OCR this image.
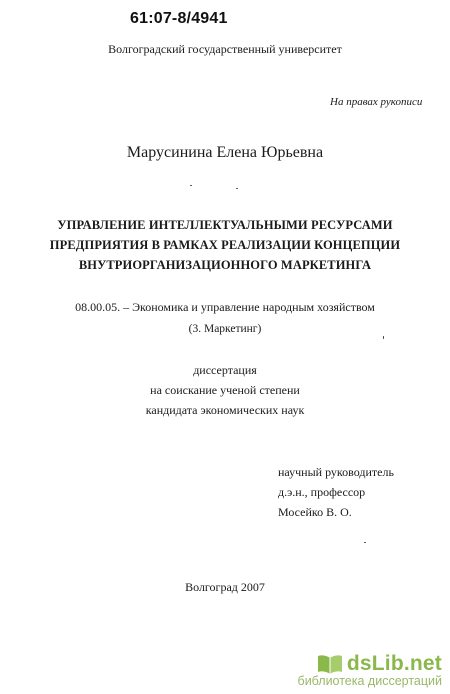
61:07-8/4941
Волгоградский государственный университет
На правах рукописи
Марусинина Елена Юрьевна
УПРАВЛЕНИЕ ИНТЕЛЛЕКТУАЛЬНЫМИ РЕСУРСАМИ
ПРЕДПРИЯТИЯ В РАМКАХ РЕАЛИЗАЦИИ КОНЦЕПЦИИ
ВНУТРИОРГАНИЗАЦИОННОГО МАРКЕТИНГА
08.00.05. – Экономика и управление народным хозяйством
(3. Маркетинг)
диссертация
на соискание ученой степени
кандидата экономических наук
научный руководитель
д.э.н., профессор
Мосейко В. О.
Волгоград 2007
dsLib.net
библиотека диссертаций
